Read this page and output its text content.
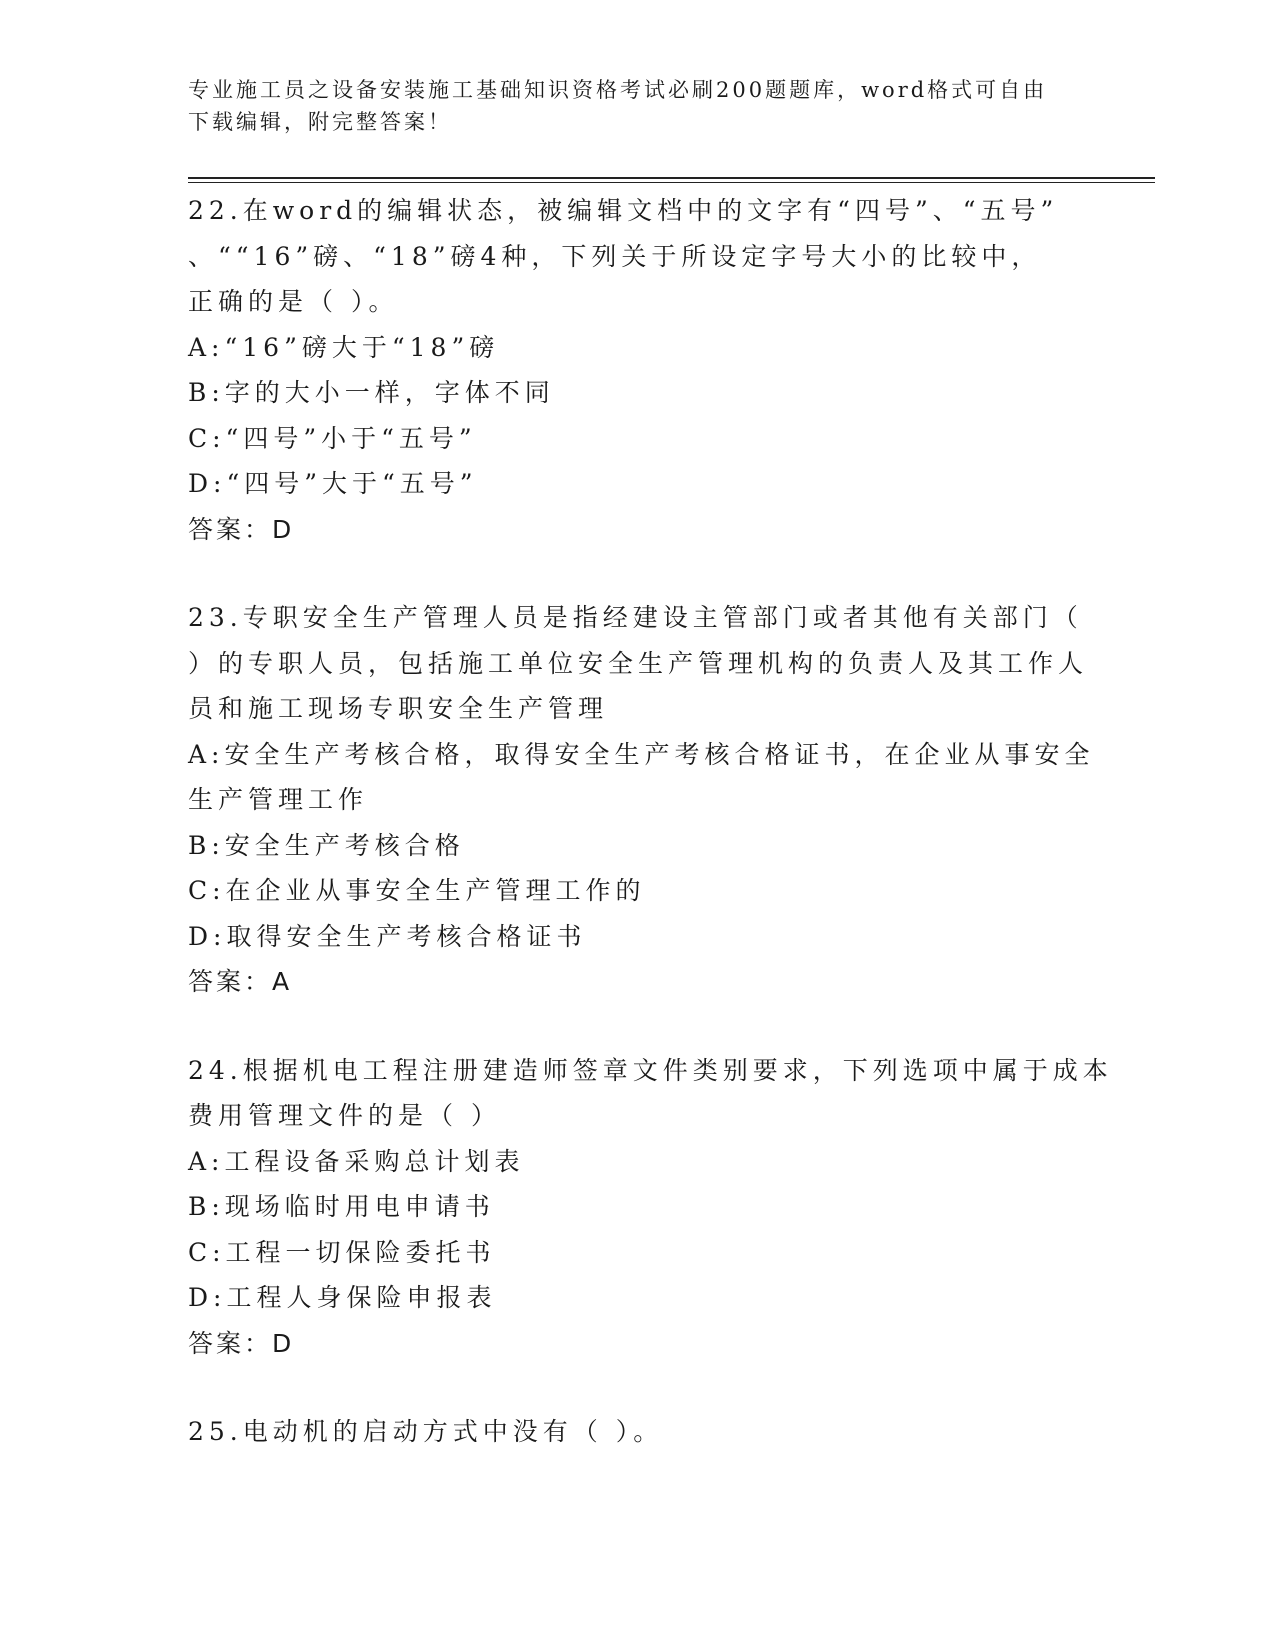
专业施工员之设备安装施工基础知识资格考试必刷200题题库，word格式可自由
下载编辑，附完整答案！
22.在word的编辑状态，被编辑文档中的文字有“四号”、“五号”
、““16”磅、“18”磅4种，下列关于所设定字号大小的比较中，
正确的是（ ）。
A:“16”磅大于“18”磅
B:字的大小一样，字体不同
C:“四号”小于“五号”
D:“四号”大于“五号”
答案：D
23.专职安全生产管理人员是指经建设主管部门或者其他有关部门（
）的专职人员，包括施工单位安全生产管理机构的负责人及其工作人
员和施工现场专职安全生产管理
A:安全生产考核合格，取得安全生产考核合格证书，在企业从事安全
生产管理工作
B:安全生产考核合格
C:在企业从事安全生产管理工作的
D:取得安全生产考核合格证书
答案：A
24.根据机电工程注册建造师签章文件类别要求，下列选项中属于成本
费用管理文件的是（ ）
A:工程设备采购总计划表
B:现场临时用电申请书
C:工程一切保险委托书
D:工程人身保险申报表
答案：D
25.电动机的启动方式中没有（ ）。
